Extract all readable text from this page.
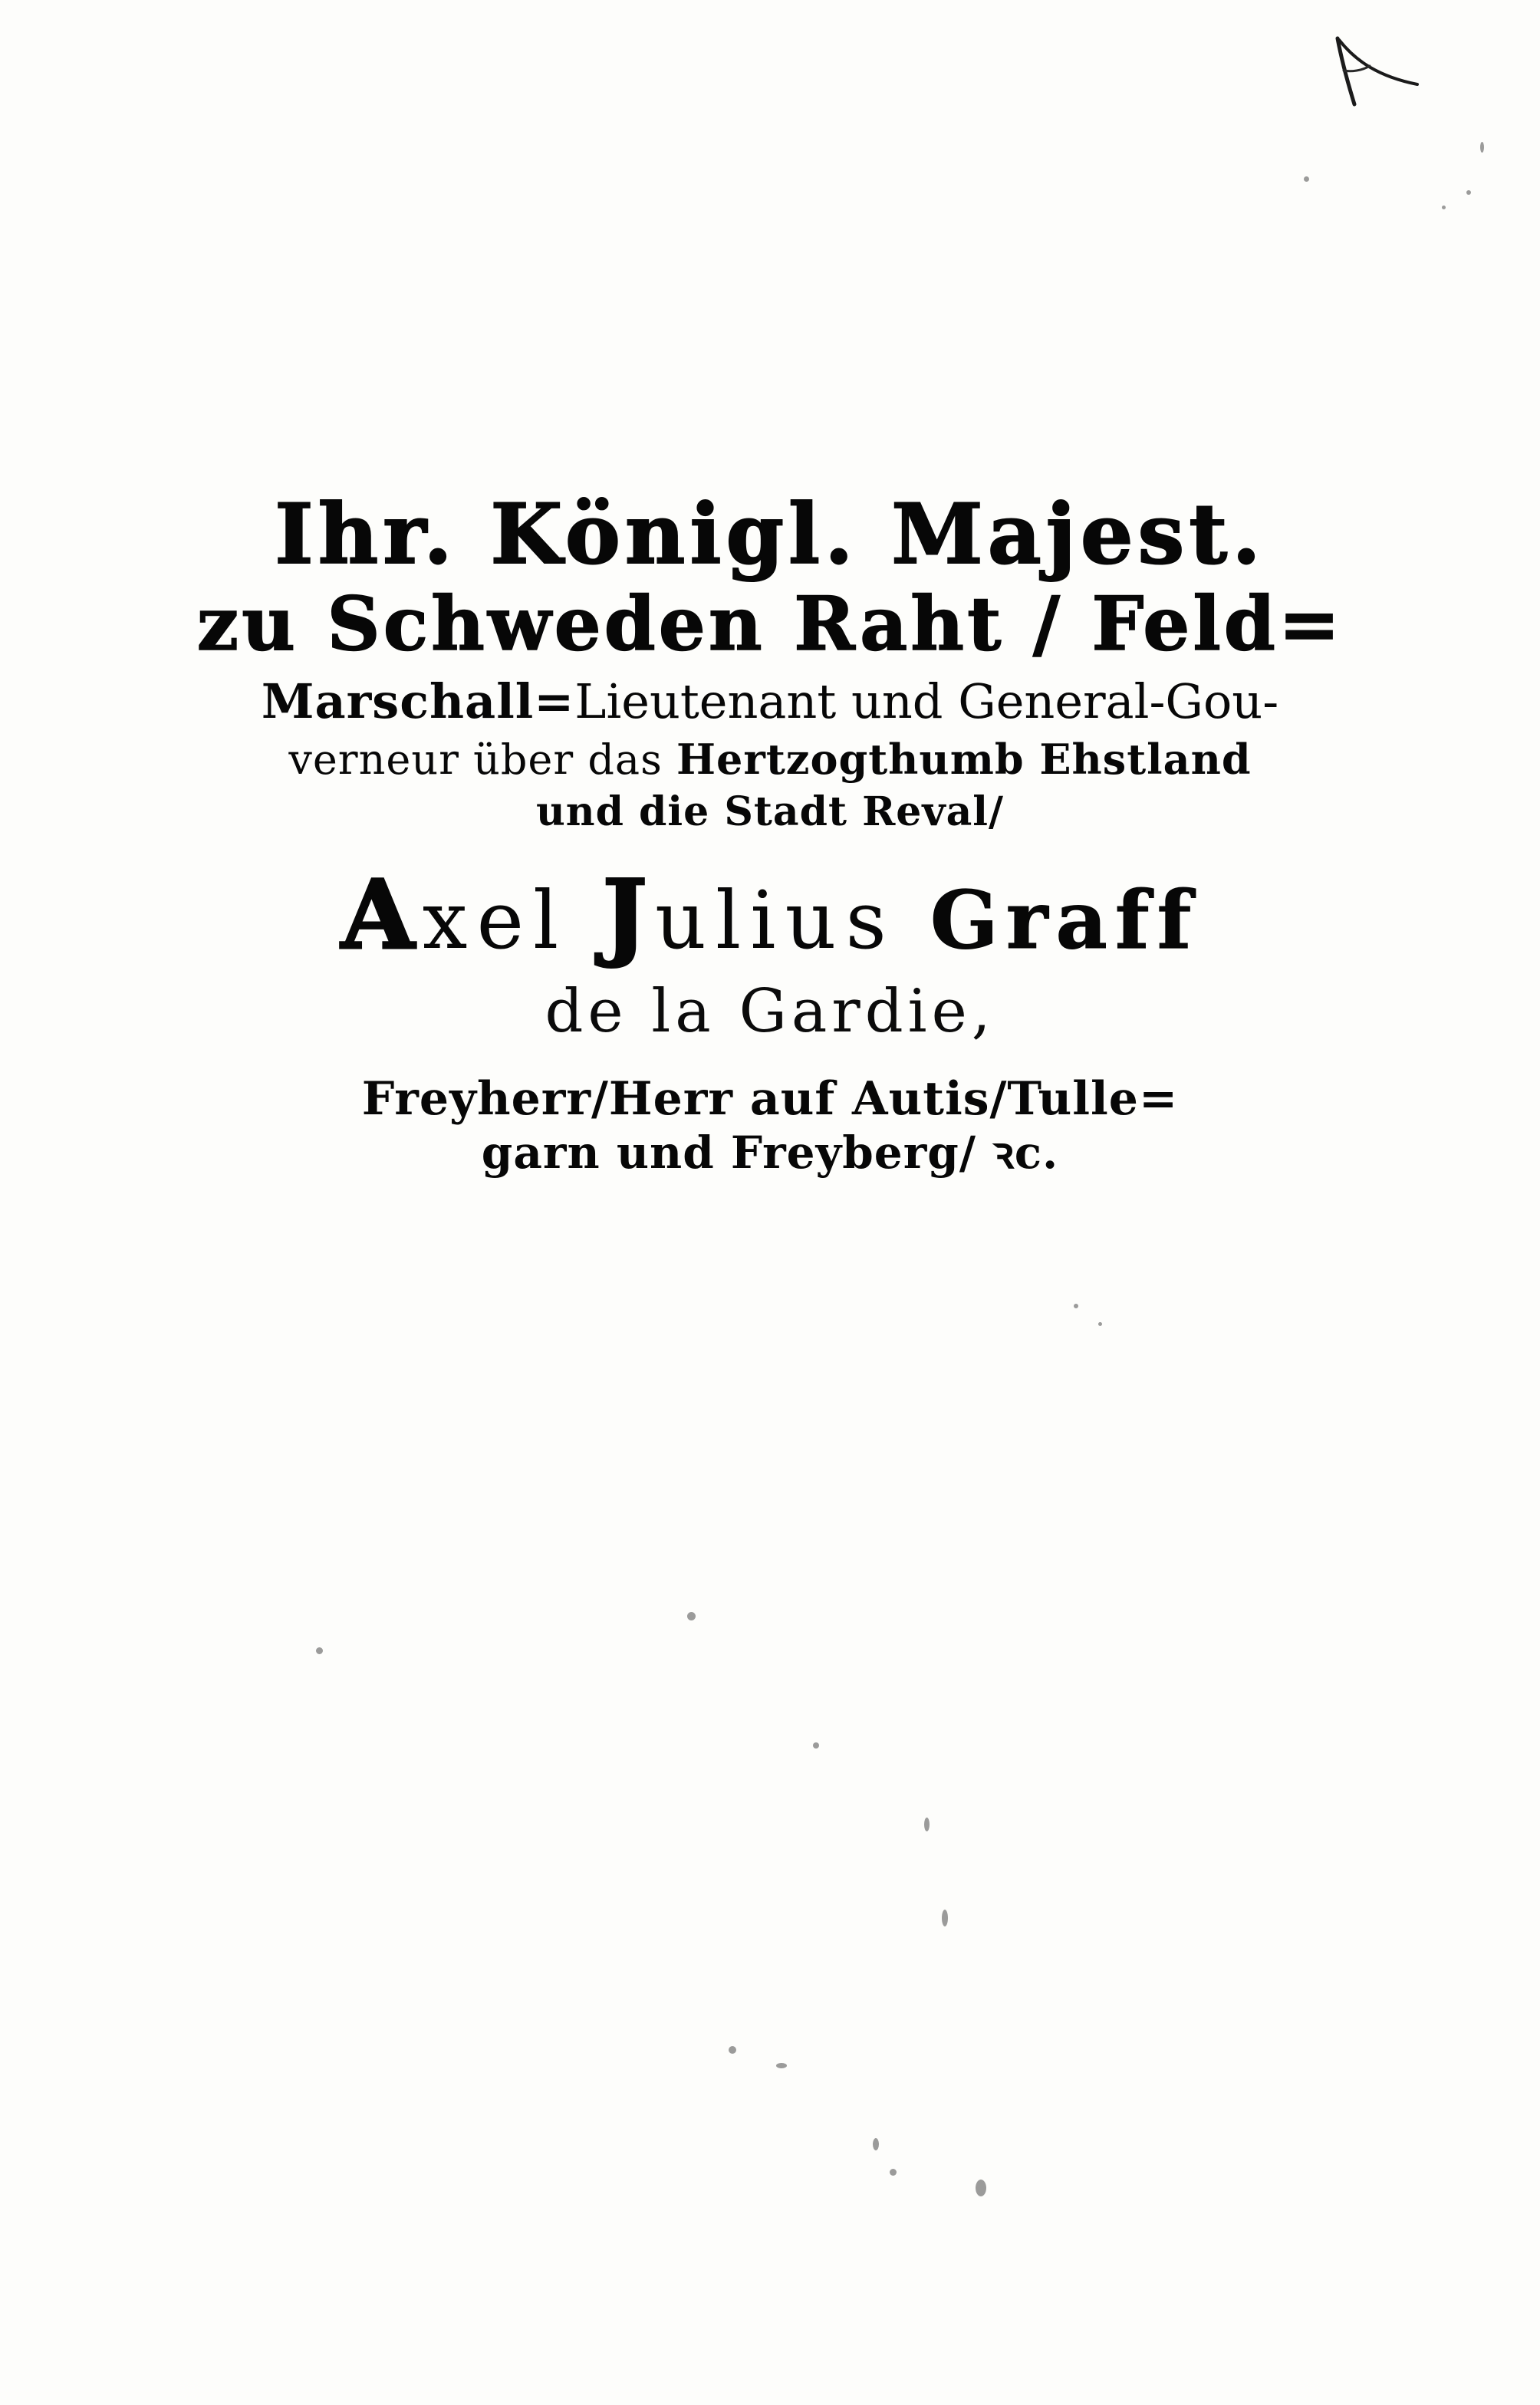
Ihr. Königl. Majest.
zu Schweden Raht / Feld=
Marschall=Lieutenant und General-Gou-
verneur über das Hertzogthumb Ehstland
und die Stadt Reval/
Axel Julius Graff
de la Gardie,
Freyherr/Herr auf Autis/Tulle=
garn und Freyberg/ ꝛc.
